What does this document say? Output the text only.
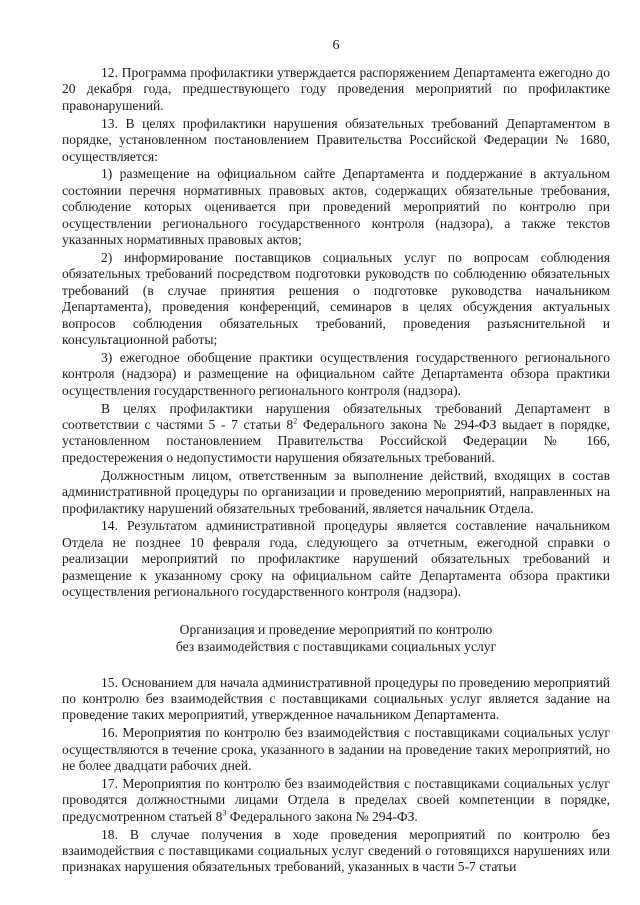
6

12. Программа профилактики утверждается распоряжением Департамента ежегодно до 20 декабря года, предшествующего году проведения мероприятий по профилактике правонарушений.

13. В целях профилактики нарушения обязательных требований Департаментом в порядке, установленном постановлением Правительства Российской Федерации № 1680, осуществляется:

1) размещение на официальном сайте Департамента и поддержание в актуальном состоянии перечня нормативных правовых актов, содержащих обязательные требования, соблюдение которых оценивается при проведений мероприятий по контролю при осуществлении регионального государственного контроля (надзора), а также текстов указанных нормативных правовых актов;

2) информирование поставщиков социальных услуг по вопросам соблюдения обязательных требований посредством подготовки руководств по соблюдению обязательных требований (в случае принятия решения о подготовке руководства начальником Департамента), проведения конференций, семинаров в целях обсуждения актуальных вопросов соблюдения обязательных требований, проведения разъяснительной и консультационной работы;

3) ежегодное обобщение практики осуществления государственного регионального контроля (надзора) и размещение на официальном сайте Департамента обзора практики осуществления государственного регионального контроля (надзора).

В целях профилактики нарушения обязательных требований Департамент в соответствии с частями 5 - 7 статьи $8^2$ Федерального закона № 294-ФЗ выдает в порядке, установленном постановлением Правительства Российской Федерации № 166, предостережения о недопустимости нарушения обязательных требований.

Должностным лицом, ответственным за выполнение действий, входящих в состав административной процедуры по организации и проведению мероприятий, направленных на профилактику нарушений обязательных требований, является начальник Отдела.

14. Результатом административной процедуры является составление начальником Отдела не позднее 10 февраля года, следующего за отчетным, ежегодной справки о реализации мероприятий по профилактике нарушений обязательных требований и размещение к указанному сроку на официальном сайте Департамента обзора практики осуществления регионального государственного контроля (надзора).

Организация и проведение мероприятий по контролю
без взаимодействия с поставщиками социальных услуг

15. Основанием для начала административной процедуры по проведению мероприятий по контролю без взаимодействия с поставщиками социальных услуг является задание на проведение таких мероприятий, утвержденное начальником Департамента.

16. Мероприятия по контролю без взаимодействия с поставщиками социальных услуг осуществляются в течение срока, указанного в задании на проведение таких мероприятий, но не более двадцати рабочих дней.

17. Мероприятия по контролю без взаимодействия с поставщиками социальных услуг проводятся должностными лицами Отдела в пределах своей компетенции в порядке, предусмотренном статьей $8^3$ Федерального закона № 294-ФЗ.

18. В случае получения в ходе проведения мероприятий по контролю без взаимодействия с поставщиками социальных услуг сведений о готовящихся нарушениях или признаках нарушения обязательных требований, указанных в части 5-7 статьи
